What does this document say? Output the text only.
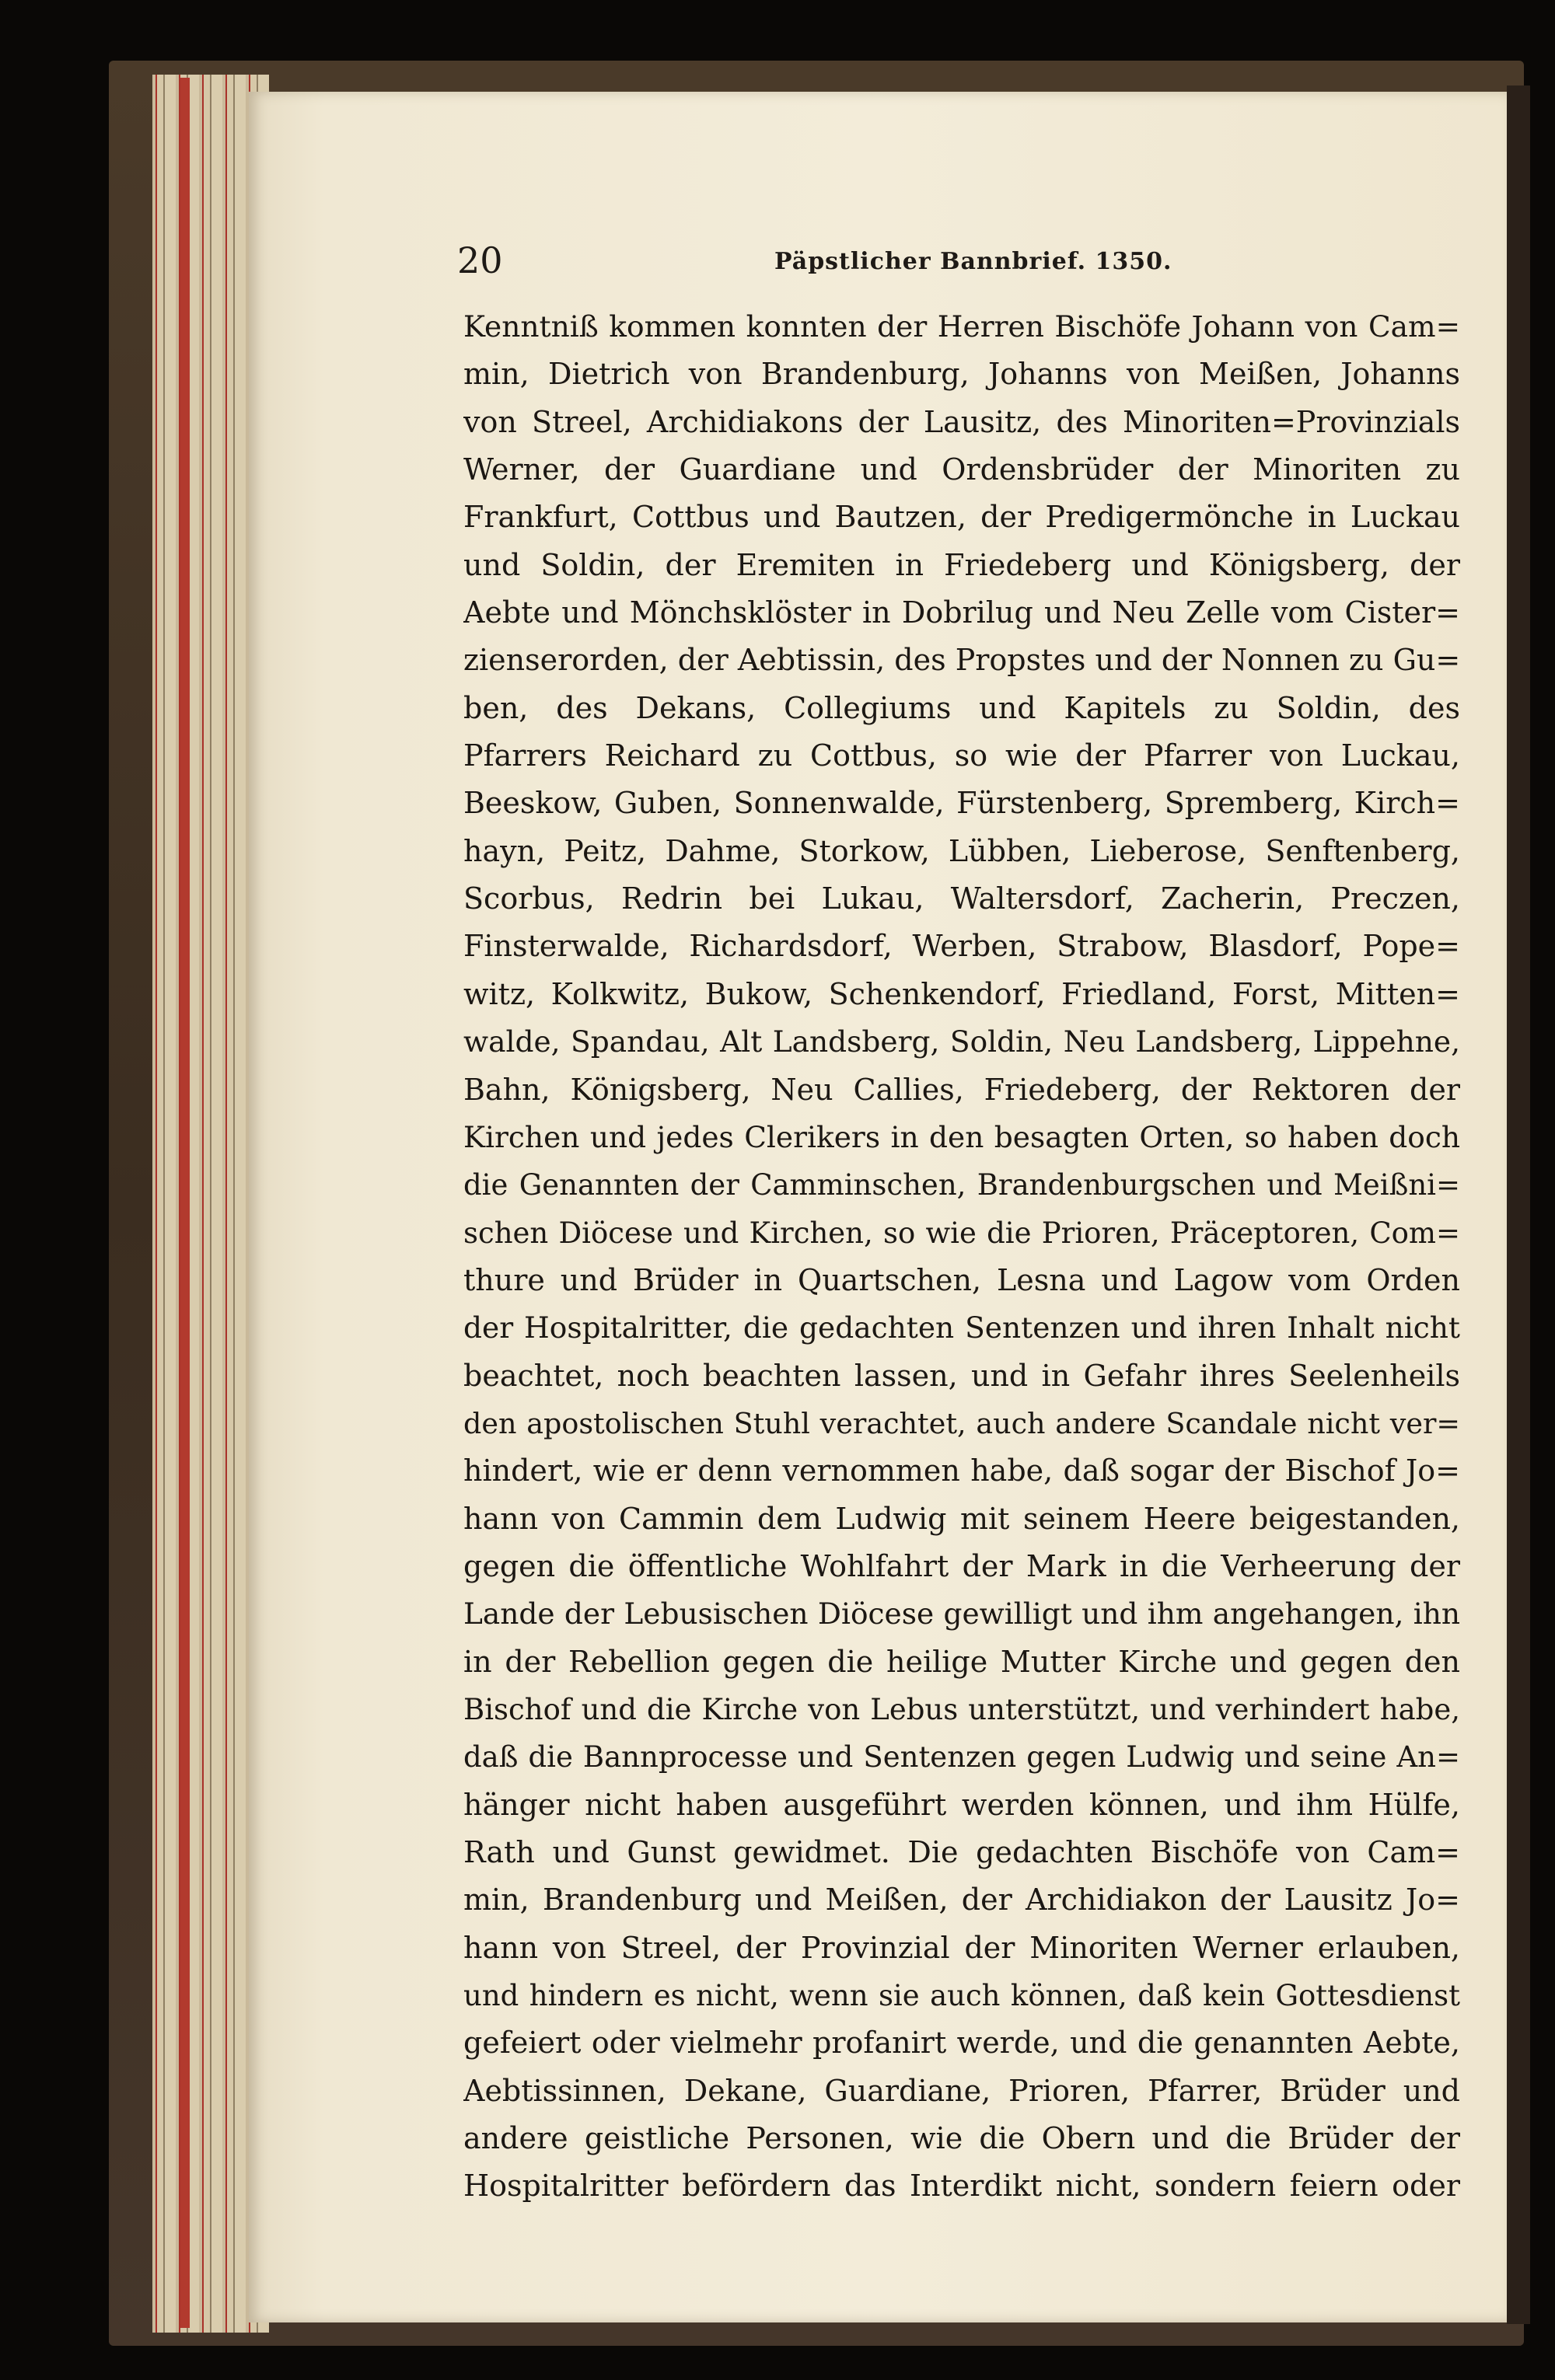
20	Päpstlicher Bannbrief. 1350.
Kenntniß kommen konnten der Herren Bischöfe Johann von Cam=
min, Dietrich von Brandenburg, Johanns von Meißen, Johanns
von Streel, Archidiakons der Lausitz, des Minoriten=Provinzials
Werner, der Guardiane und Ordensbrüder der Minoriten zu
Frankfurt, Cottbus und Bautzen, der Predigermönche in Luckau
und Soldin, der Eremiten in Friedeberg und Königsberg, der
Aebte und Mönchsklöster in Dobrilug und Neu Zelle vom Cister=
zienserorden, der Aebtissin, des Propstes und der Nonnen zu Gu=
ben, des Dekans, Collegiums und Kapitels zu Soldin, des
Pfarrers Reichard zu Cottbus, so wie der Pfarrer von Luckau,
Beeskow, Guben, Sonnenwalde, Fürstenberg, Spremberg, Kirch=
hayn, Peitz, Dahme, Storkow, Lübben, Lieberose, Senftenberg,
Scorbus, Redrin bei Lukau, Waltersdorf, Zacherin, Preczen,
Finsterwalde, Richardsdorf, Werben, Strabow, Blasdorf, Pope=
witz, Kolkwitz, Bukow, Schenkendorf, Friedland, Forst, Mitten=
walde, Spandau, Alt Landsberg, Soldin, Neu Landsberg, Lippehne,
Bahn, Königsberg, Neu Callies, Friedeberg, der Rektoren der
Kirchen und jedes Clerikers in den besagten Orten, so haben doch
die Genannten der Camminschen, Brandenburgschen und Meißni=
schen Diöcese und Kirchen, so wie die Prioren, Präceptoren, Com=
thure und Brüder in Quartschen, Lesna und Lagow vom Orden
der Hospitalritter, die gedachten Sentenzen und ihren Inhalt nicht
beachtet, noch beachten lassen, und in Gefahr ihres Seelenheils
den apostolischen Stuhl verachtet, auch andere Scandale nicht ver=
hindert, wie er denn vernommen habe, daß sogar der Bischof Jo=
hann von Cammin dem Ludwig mit seinem Heere beigestanden,
gegen die öffentliche Wohlfahrt der Mark in die Verheerung der
Lande der Lebusischen Diöcese gewilligt und ihm angehangen, ihn
in der Rebellion gegen die heilige Mutter Kirche und gegen den
Bischof und die Kirche von Lebus unterstützt, und verhindert habe,
daß die Bannprocesse und Sentenzen gegen Ludwig und seine An=
hänger nicht haben ausgeführt werden können, und ihm Hülfe,
Rath und Gunst gewidmet. Die gedachten Bischöfe von Cam=
min, Brandenburg und Meißen, der Archidiakon der Lausitz Jo=
hann von Streel, der Provinzial der Minoriten Werner erlauben,
und hindern es nicht, wenn sie auch können, daß kein Gottesdienst
gefeiert oder vielmehr profanirt werde, und die genannten Aebte,
Aebtissinnen, Dekane, Guardiane, Prioren, Pfarrer, Brüder und
andere geistliche Personen, wie die Obern und die Brüder der
Hospitalritter befördern das Interdikt nicht, sondern feiern oder
